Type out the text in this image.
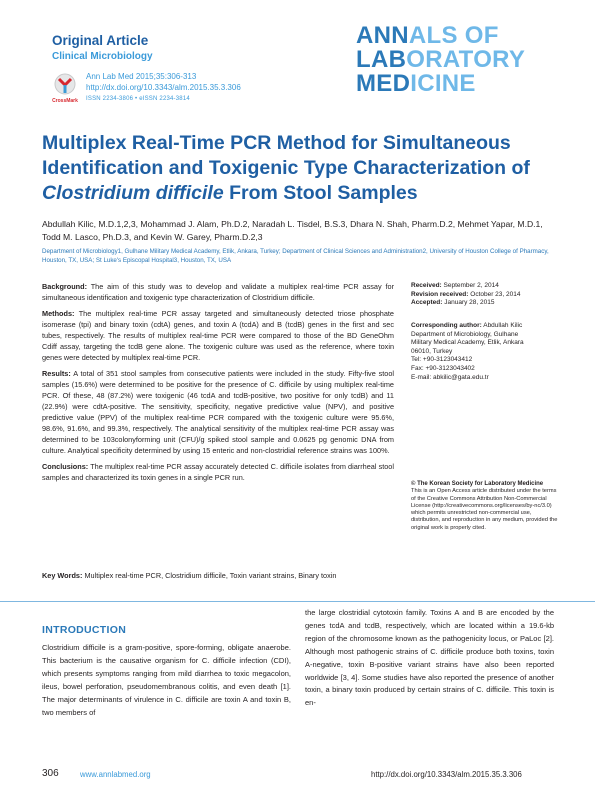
Original Article
Clinical Microbiology
CrossMark
Ann Lab Med 2015;35:306-313
http://dx.doi.org/10.3343/alm.2015.35.3.306
ISSN 2234-3806 • eISSN 2234-3814
ANNALS OF
LABORATORY
MEDICINE
Multiplex Real-Time PCR Method for Simultaneous
Identification and Toxigenic Type Characterization of
Clostridium difficile From Stool Samples

Abdullah Kilic, M.D.1,2,3, Mohammad J. Alam, Ph.D.2, Naradah L. Tisdel, B.S.3, Dhara N. Shah, Pharm.D.2, Mehmet Yapar, M.D.1, Todd M. Lasco, Ph.D.3, and Kevin W. Garey, Pharm.D.2,3

Department of Microbiology1, Gulhane Military Medical Academy, Etlik, Ankara, Turkey; Department of Clinical Sciences and Administration2, University of Houston College of Pharmacy, Houston, TX, USA; St Luke's Episcopal Hospital3, Houston, TX, USA

Background: The aim of this study was to develop and validate a multiplex real-time PCR assay for simultaneous identification and toxigenic type characterization of Clostridium difficile.

Methods: The multiplex real-time PCR assay targeted and simultaneously detected triose phosphate isomerase (tpi) and binary toxin (cdtA) genes, and toxin A (tcdA) and B (tcdB) genes in the first and sec tubes, respectively. The results of multiplex real-time PCR were compared to those of the BD GeneOhm Cdiff assay, targeting the tcdB gene alone. The toxigenic culture was used as the reference, where toxin genes were detected by multiplex real-time PCR.

Results: A total of 351 stool samples from consecutive patients were included in the study. Fifty-five stool samples (15.6%) were determined to be positive for the presence of C. difficile by using multiplex real-time PCR. Of these, 48 (87.2%) were toxigenic (46 tcdA and tcdB-positive, two positive for only tcdB) and 11 (22.9%) were cdtA-positive. The sensitivity, specificity, negative predictive value (NPV), and positive predictive value (PPV) of the multiplex real-time PCR compared with the toxigenic culture were 95.6%, 98.6%, 91.6%, and 99.3%, respectively. The analytical sensitivity of the multiplex real-time PCR assay was determined to be 103colonyforming unit (CFU)/g spiked stool sample and 0.0625 pg genomic DNA from culture. Analytical specificity determined by using 15 enteric and non-clostridial reference strains was 100%.

Conclusions: The multiplex real-time PCR assay accurately detected C. difficile isolates from diarrheal stool samples and characterized its toxin genes in a single PCR run.

Key Words: Multiplex real-time PCR, Clostridium difficile, Toxin variant strains, Binary toxin
Received: September 2, 2014
Revision received: October 23, 2014
Accepted: January 28, 2015
Corresponding author: Abdullah Kilic
Department of Microbiology, Gulhane
Military Medical Academy, Etlik, Ankara
06010, Turkey
Tel: +90-3123043412
Fax: +90-3123043402
E-mail: abkilic@gata.edu.tr
© The Korean Society for Laboratory Medicine
This is an Open Access article distributed under the terms of the Creative Commons Attribution Non-Commercial License (http://creativecommons.org/licenses/by-nc/3.0) which permits unrestricted non-commercial use, distribution, and reproduction in any medium, provided the original work is properly cited.
INTRODUCTION

Clostridium difficile is a gram-positive, spore-forming, obligate anaerobe. This bacterium is the causative organism for C. difficile infection (CDI), which presents symptoms ranging from mild diarrhea to toxic megacolon, ileus, bowel perforation, pseudomembranous colitis, and even death [1]. The major determinants of virulence in C. difficile are toxin A and toxin B, two members of

the large clostridial cytotoxin family. Toxins A and B are encoded by the genes tcdA and tcdB, respectively, which are located within a 19.6-kb region of the chromosome known as the pathogenicity locus, or PaLoc [2]. Although most pathogenic strains of C. difficile produce both toxins, toxin A-negative, toxin B-positive variant strains have also been reported worldwide [3, 4]. Some studies have also reported the presence of another toxin, a binary toxin produced by certain strains of C. difficile. This toxin is en-

306	www.annlabmed.org	http://dx.doi.org/10.3343/alm.2015.35.3.306
